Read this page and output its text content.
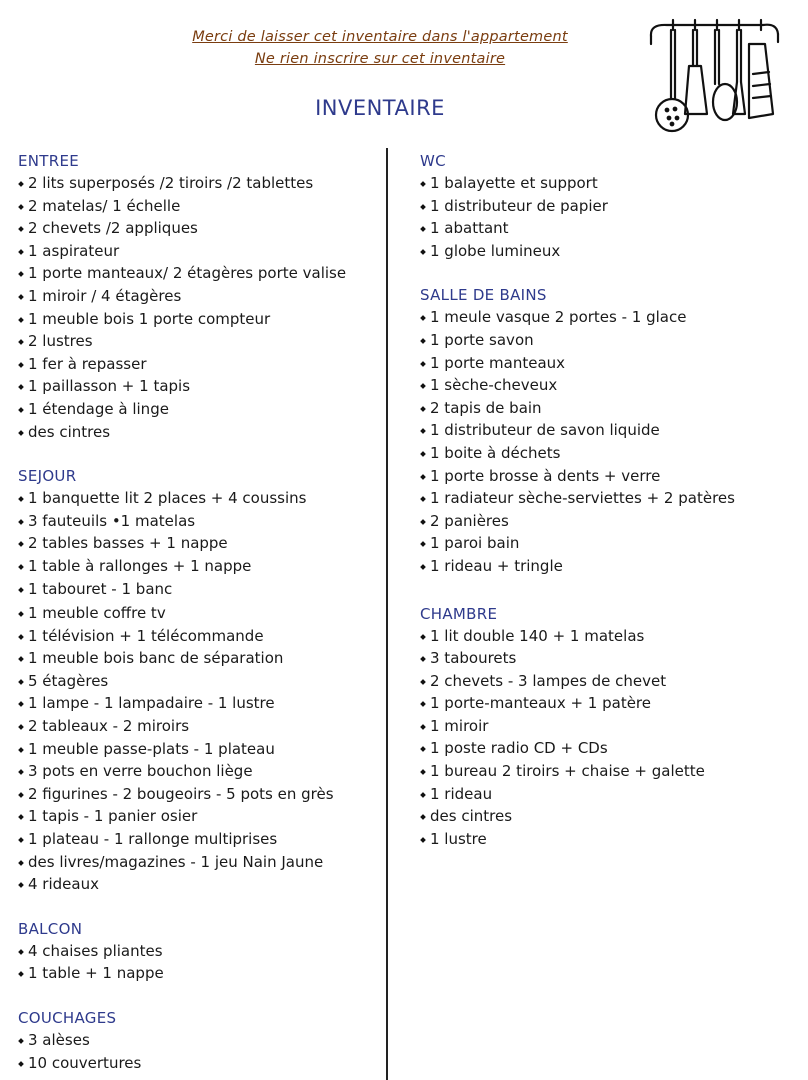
Merci de laisser cet inventaire dans l'appartement
Ne rien inscrire sur cet inventaire
INVENTAIRE
ENTREE
2 lits superposés /2 tiroirs /2 tablettes
2 matelas/ 1 échelle
2 chevets /2 appliques
1 aspirateur
1 porte manteaux/ 2 étagères porte valise
1 miroir / 4 étagères
1 meuble bois 1 porte compteur
2 lustres
1 fer à repasser
1 paillasson + 1 tapis
1 étendage à linge
des cintres
SEJOUR
1 banquette lit 2 places + 4 coussins
3 fauteuils •1 matelas
2 tables basses + 1 nappe
1 table à rallonges + 1 nappe
1 tabouret - 1 banc
1 meuble coffre tv
1 télévision + 1 télécommande
1 meuble bois banc de séparation
5 étagères
1 lampe - 1 lampadaire - 1 lustre
2 tableaux - 2 miroirs
1 meuble passe-plats - 1 plateau
3 pots en verre bouchon liège
2 figurines - 2 bougeoirs - 5 pots en grès
1 tapis - 1 panier osier
1 plateau - 1 rallonge multiprises
des livres/magazines - 1 jeu Nain Jaune
4 rideaux
BALCON
4 chaises pliantes
1 table + 1 nappe
COUCHAGES
3 alèses
10 couvertures
WC
1 balayette et support
1 distributeur de papier
1 abattant
1 globe lumineux
SALLE DE BAINS
1 meule vasque 2 portes - 1 glace
1 porte savon
1 porte manteaux
1 sèche-cheveux
2 tapis de bain
1 distributeur de savon liquide
1 boite à déchets
1 porte brosse à dents + verre
1 radiateur sèche-serviettes + 2 patères
2 panières
1 paroi bain
1 rideau + tringle
CHAMBRE
1 lit double 140 + 1 matelas
3 tabourets
2 chevets - 3 lampes de chevet
1 porte-manteaux + 1 patère
1 miroir
1 poste radio CD + CDs
1 bureau 2 tiroirs + chaise + galette
1 rideau
des cintres
1 lustre
